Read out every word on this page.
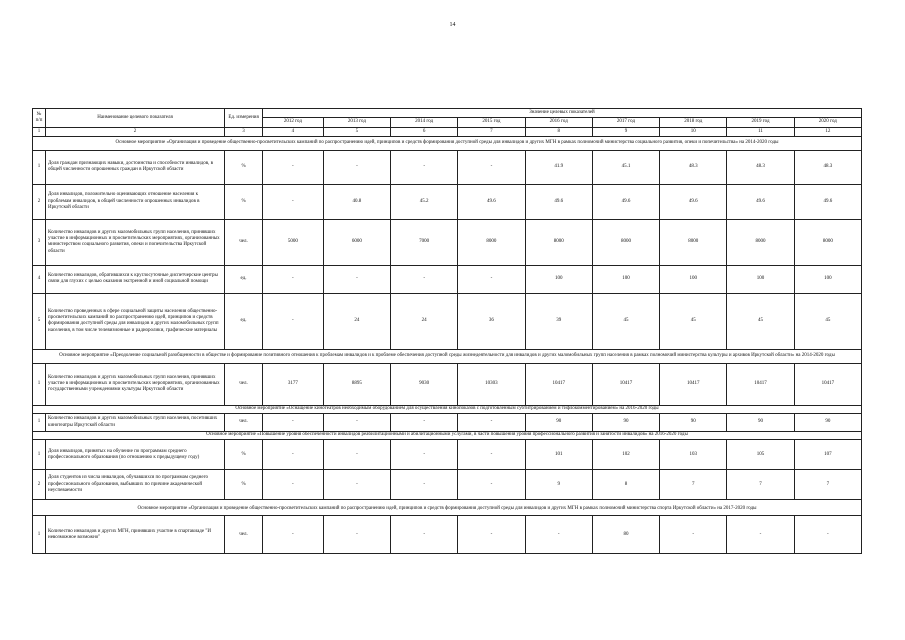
14
№ п/п	Наименование целевого показателя	Ед. измерения	Значение целевых показателей								
			2012 год	2013 год	2014 год	2015 год	2016 год	2017 год	2018 год	2019 год	2020 год
1	2	3	4	5	6	7	8	9	10	11	12
Основное мероприятие «Организация и проведение общественно-просветительских кампаний по распространению идей, принципов и средств формирования доступной среды для инвалидов и других МГН в рамках полномочий министерства социального развития, опеки и попечительства» на 2014-2020 годы											
1	Доля граждан признающих навыки, достоинства и способности инвалидов, в общей численности опрошенных граждан в Иркутской области	%	-	-	-	-	41.9	45.1	48.3	48.3	48.3
2	Доля инвалидов, положительно оценивающих отношение населения к проблемам инвалидов, в общей численности опрошенных инвалидов в Иркутской области	%	-	40.8	45.2	49.6	49.6	49.6	49.6	49.6	49.6
3	Количество инвалидов и других маломобильных групп населения, принявших участие в информационных и просветительских мероприятиях, организованных министерством социального развития, опеки и попечительства Иркутской области	чел.	5000	6000	7000	8000	8000	8000	8000	8000	8000
4	Количество инвалидов, обратившихся к круглосуточные диспетчерские центры связи для глухих с целью оказания экстренной и иной социальной помощи	ед.	-	-	-	-	100	100	100	100	100
5	Количество проведенных в сфере социальной защиты населения общественно-просветительских кампаний по распространению идей, принципов и средств формирования доступной среды для инвалидов и других маломобильных групп населения, в том числе телевизионные и радиоролики, графические материалы	ед.	-	24	24	36	39	45	45	45	45
Основное мероприятие «Преодоление социальной разобщенности в обществе и формирование позитивного отношения к проблемам инвалидов и к проблеме обеспечения доступной среды жизнедеятельности для инвалидов и других маломобильных групп населения в рамках полномочий министерства культуры и архивов Иркутской области» на 2014-2020 годы											
1	Количество инвалидов и других маломобильных групп населения, принявших участие в информационных и просветительских мероприятиях, организованных государственными учреждениями культуры Иркутской области	чел.	3177	8895	9030	10303	10417	10417	10417	10417	10417
Основное мероприятие «Оснащение кинотеатров необходимым оборудованием для осуществления кинопоказов с подготовленным субтитрированием и тифлокомментированием» на 2016-2020 годы											
1	Количество инвалидов и других маломобильных групп населения, посетивших кинотеатры Иркутской области	чел.	-	-	-	-	90	90	90	90	90
Основное мероприятие «Повышение уровня обеспеченности инвалидов реабилитационными и абилитационными услугами, в части повышения уровня профессионального развития и занятости инвалидов» на 2016-2020 годы											
1	Доля инвалидов, принятых на обучение по программам среднего профессионального образования (по отношению к предыдущему году)	%	-	-	-	-	101	102	103	105	107
2	Доля студентов из числа инвалидов, обучавшихся по программам среднего профессионального образования, выбывших по причине академической неуспеваемости	%	-	-	-	-	9	8	7	7	7
Основное мероприятие «Организация и проведение общественно-просветительских кампаний по распространению идей, принципов и средств формирования доступной среды для инвалидов и других МГН в рамках полномочий министерства спорта Иркутской области» на 2017-2020 годы											
1	Количество инвалидов и других МГН, принявших участие в спартакиаде "И невозможное возможно"	чел.	-	-	-	-	-	80	-	-	-
